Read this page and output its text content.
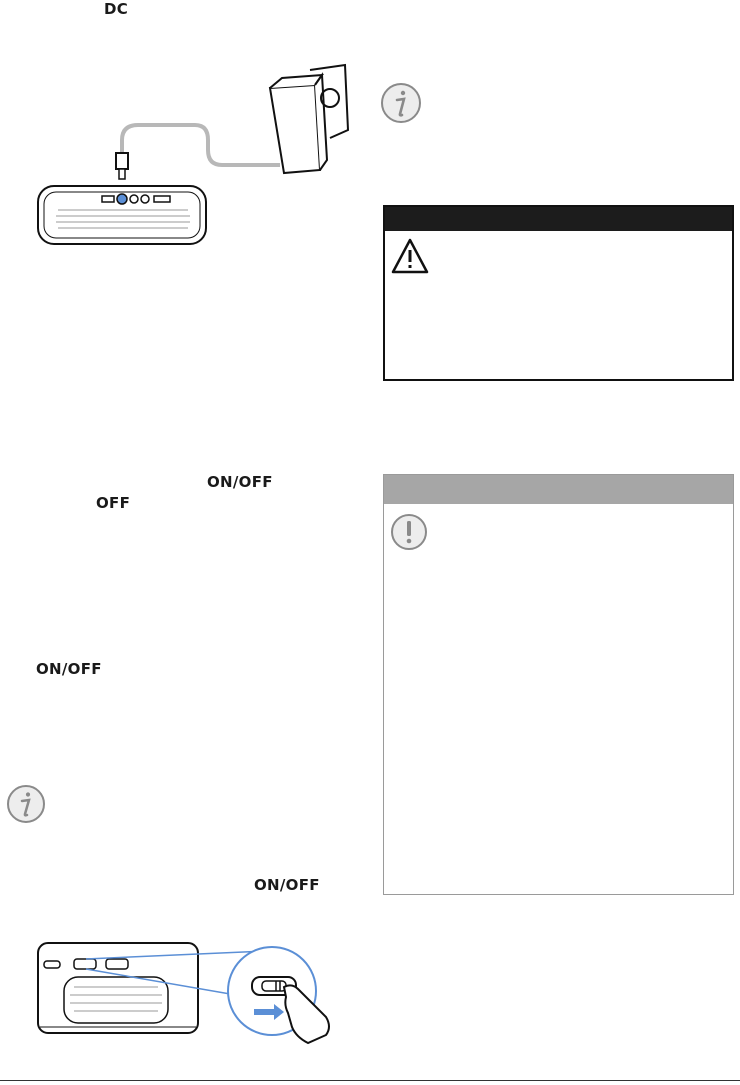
DC
ON/OFF
OFF
ON/OFF
ON/OFF
